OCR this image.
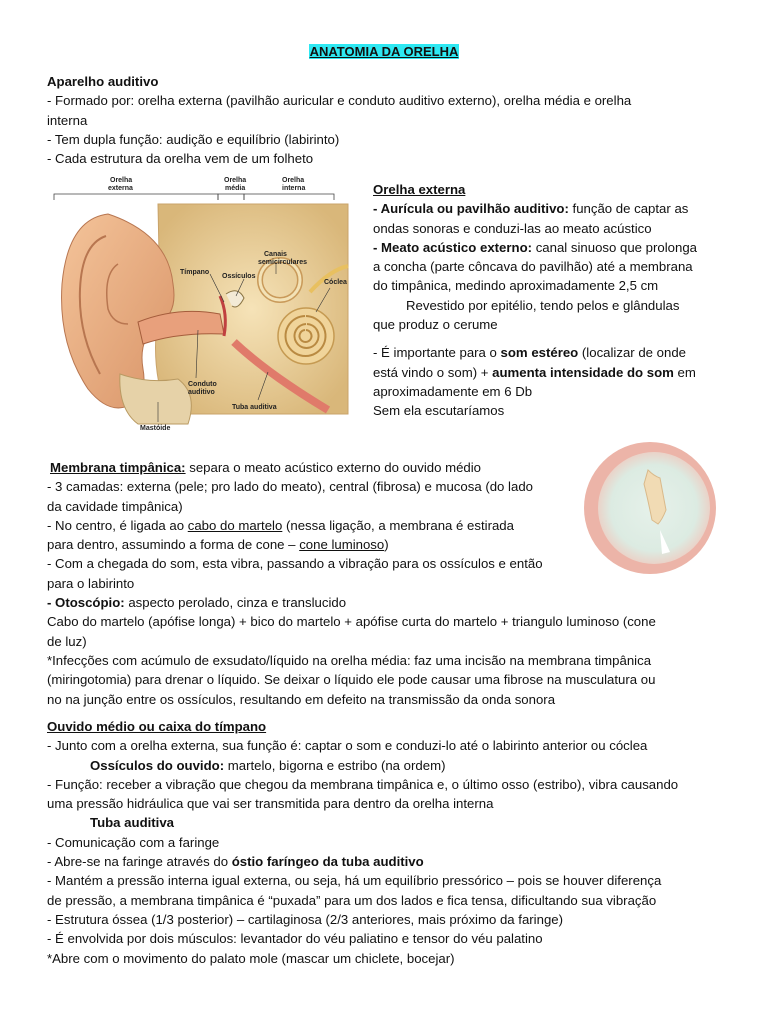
ANATOMIA DA ORELHA

Aparelho auditivo

- Formado por: orelha externa (pavilhão auricular e conduto auditivo externo), orelha média e orelha

interna

- Tem dupla função: audição e equilíbrio (labirinto)

- Cada estrutura da orelha vem de um folheto

Orelha
externa
Orelha
média
Orelha
interna
Tímpano
Ossículos
Canais
semicirculares
Cóclea
Conduto
auditivo
Tuba auditiva
Mastóide

Orelha externa

- Aurícula ou pavilhão auditivo: função de captar as

ondas sonoras e conduzi-las ao meato acústico

- Meato acústico externo: canal sinuoso que prolonga

a concha (parte côncava do pavilhão) até a membrana

do timpânica, medindo aproximadamente 2,5 cm

Revestido por epitélio, tendo pelos e glândulas

que produz o cerume

- É importante para o som estéreo (localizar de onde

está vindo o som) + aumenta intensidade do som em

aproximadamente em 6 Db

Sem ela escutaríamos

Membrana timpânica: separa o meato acústico externo do ouvido médio

- 3 camadas: externa (pele; pro lado do meato), central (fibrosa) e mucosa (do lado

da cavidade timpânica)

- No centro, é ligada ao cabo do martelo (nessa ligação, a membrana é estirada

para dentro, assumindo a forma de cone – cone luminoso)

- Com a chegada do som, esta vibra, passando a vibração para os ossículos e então

para o labirinto

- Otoscópio: aspecto perolado, cinza e translucido

Cabo do martelo (apófise longa) + bico do martelo + apófise curta do martelo + triangulo luminoso (cone

de luz)

*Infecções com acúmulo de exsudato/líquido na orelha média: faz uma incisão na membrana timpânica

(miringotomia) para drenar o líquido. Se deixar o líquido ele pode causar uma fibrose na musculatura ou

no na junção entre os ossículos, resultando em defeito na transmissão da onda sonora

Ouvido médio ou caixa do tímpano

- Junto com a orelha externa, sua função é: captar o som e conduzi-lo até o labirinto anterior ou cóclea

Ossículos do ouvido: martelo, bigorna e estribo (na ordem)

- Função: receber a vibração que chegou da membrana timpânica e, o último osso (estribo), vibra causando

uma pressão hidráulica que vai ser transmitida para dentro da orelha interna

Tuba auditiva

- Comunicação com a faringe

- Abre-se na faringe através do óstio faríngeo da tuba auditivo

- Mantém a pressão interna igual externa, ou seja, há um equilíbrio pressórico – pois se houver diferença

de pressão, a membrana timpânica é “puxada” para um dos lados e fica tensa, dificultando sua vibração

- Estrutura óssea (1/3 posterior) – cartilaginosa (2/3 anteriores, mais próximo da faringe)

- É envolvida por dois músculos: levantador do véu paliatino e tensor do véu palatino

*Abre com o movimento do palato mole (mascar um chiclete, bocejar)
